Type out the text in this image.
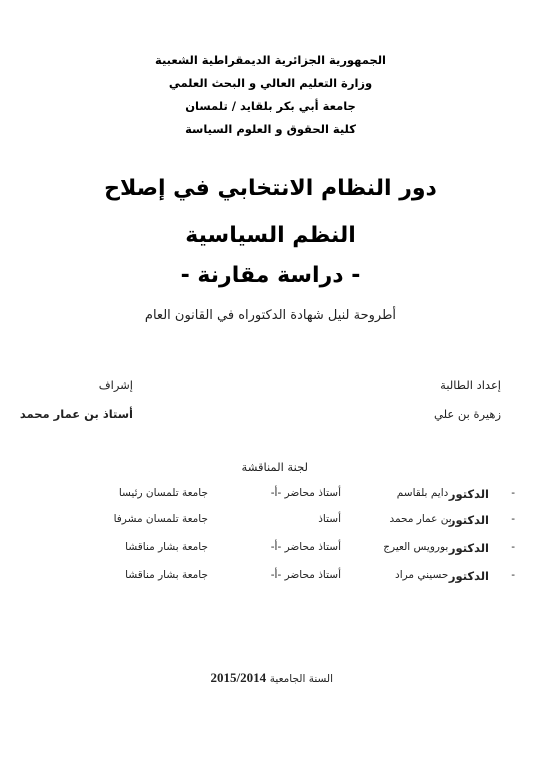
الجمهورية الجزائرية الديمقراطية الشعبية
وزارة التعليم العالي و البحث العلمي
جامعة أبي بكر بلقايد / تلمسان
كلية الحقوق و العلوم السياسة
دور النظام الانتخابي في إصلاح
النظم السياسية
- دراسة مقارنة -
أطروحة لنيل شهادة الدكتوراه في القانون العام
إعداد الطالبة
زهيرة بن علي
إشراف
أستاذ بن عمار محمد
لجنة المناقشة
-
الدكتور
. دايم بلقاسم
أستاذ محاضر -أ-
جامعة تلمسان رئيسا
-
الدكتور
.بن عمار محمد
أستاذ
جامعة تلمسان مشرفا
-
الدكتور
. بورويس العيرج
أستاذ محاضر -أ-
جامعة بشار مناقشا
-
الدكتور
. حسيني مراد
أستاذ محاضر -أ-
جامعة بشار مناقشا
السنة الجامعية 2015/2014
